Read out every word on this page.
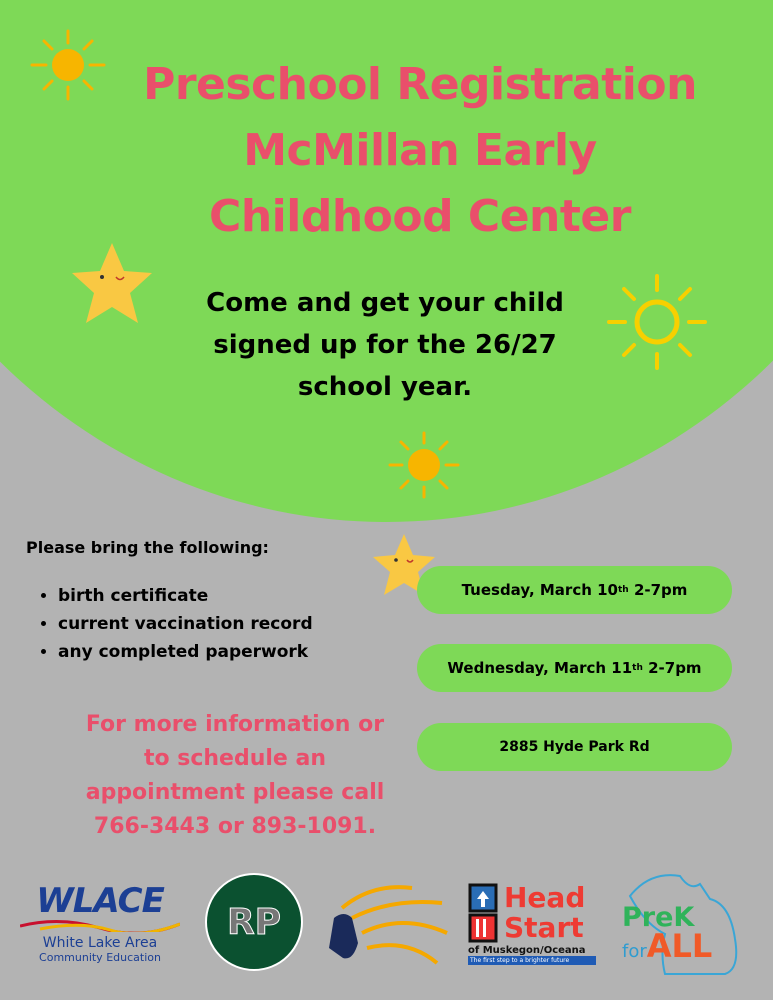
Preschool Registration
McMillan Early
Childhood Center
Come and get your child
signed up for the 26/27
school year.
Please bring the following:
• birth certificate
• current vaccination record
• any completed paperwork
For more information or
to schedule an
appointment please call
766-3443 or 893-1091.
Tuesday, March 10 th 2-7pm
Wednesday, March 11 th 2-7pm
2885 Hyde Park Rd
WLACE
White Lake Area
Community Education
RP
Head
Start
of Muskegon/Oceana
The first step to a brighter future
PreK
forALL
